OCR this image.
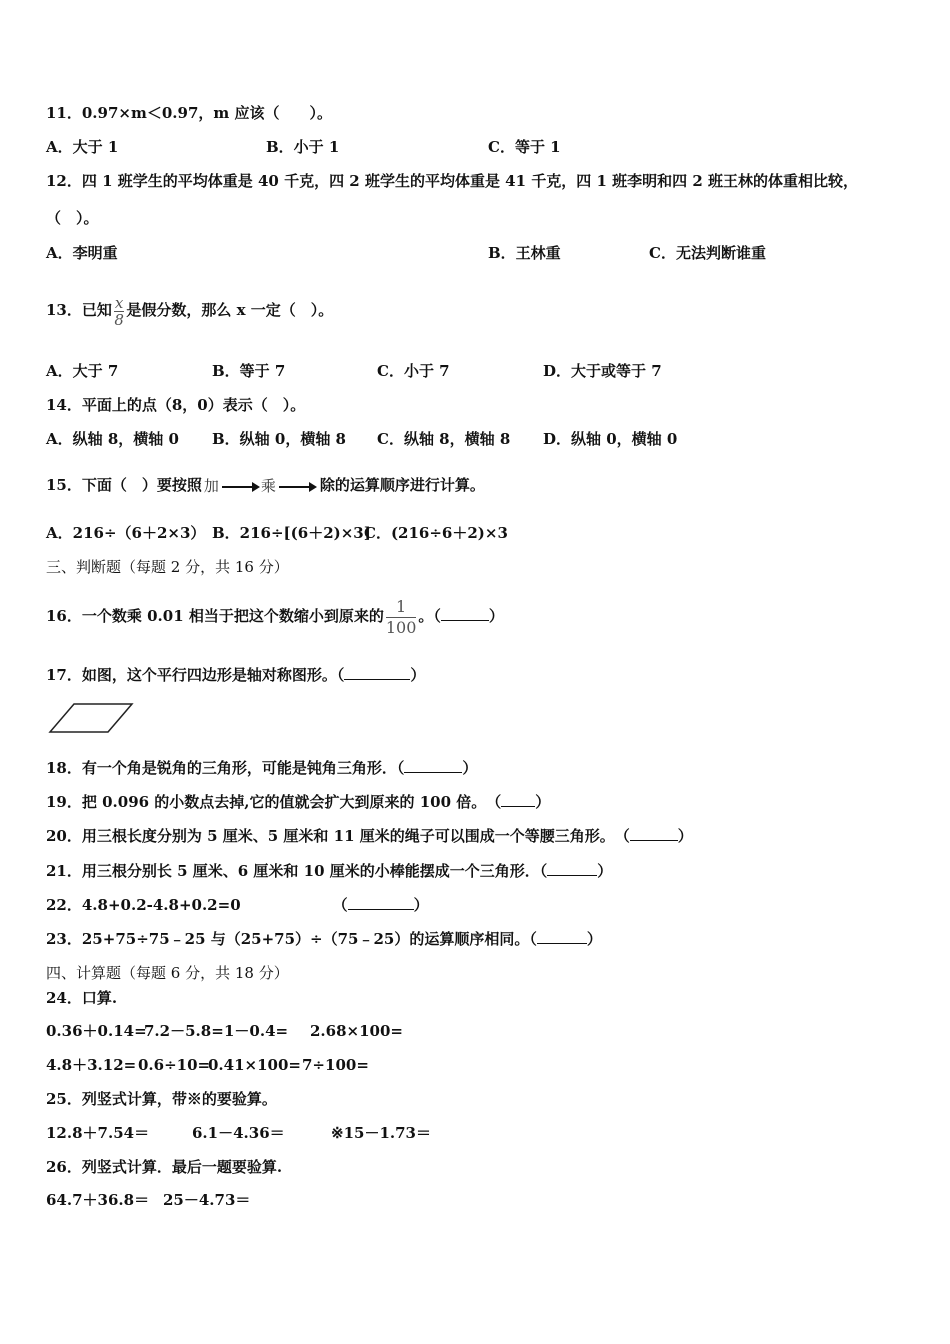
11．0.97×m＜0.97，m 应该（　　）。
A．大于 1	B．小于 1	C．等于 1
12．四 1 班学生的平均体重是 40 千克，四 2 班学生的平均体重是 41 千克，四 1 班李明和四 2 班王林的体重相比较，
（　）。
A．李明重	B．王林重	C．无法判断谁重
13．已知 $\frac{x}{8}$ 是假分数，那么 x 一定（　）。
A．大于 7	B．等于 7	C．小于 7	D．大于或等于 7
14．平面上的点（8，0）表示（　）。
A．纵轴 8，横轴 0 B．纵轴 0，横轴 8 C．纵轴 8，横轴 8 D．纵轴 0，横轴 0
15．下面（　）要按照 加	乘	除的运算顺序进行计算。
A．216÷（6＋2×3） B．216÷[(6＋2)×3]
C．(216÷6＋2)×3
三、判断题（每题 2 分，共 16 分）
16．一个数乘 0.01 相当于把这个数缩小到原来的 $\frac{1}{100}$ 。（	）
17．如图，这个平行四边形是轴对称图形。（	）
18．有一个角是锐角的三角形，可能是钝角三角形．（	）
19．把 0.096 的小数点去掉,它的值就会扩大到原来的 100 倍。　（ ）
20．用三根长度分别为 5 厘米、5 厘米和 11 厘米的绳子可以围成一个等腰三角形。　（	）
21．用三根分别长 5 厘米、6 厘米和 10 厘米的小棒能摆成一个三角形．（	）
22．4.8+0.2-4.8+0.2=0	（	）
23．25+75÷75﹣25 与（25+75）÷（75﹣25）的运算顺序相同。（	）
四、计算题（每题 6 分，共 18 分）
24．口算.
0.36＋0.14=
7.2－5.8= 1－0.4= 2.68×100=
4.8＋3.12= 0.6÷10=
0.41×100= 7÷100=
25．列竖式计算，带※的要验算。
12.8＋7.54＝	6.1－4.36＝	※15－1.73＝
26．列竖式计算．最后一题要验算.
64.7＋36.8＝ 25－4.73＝
